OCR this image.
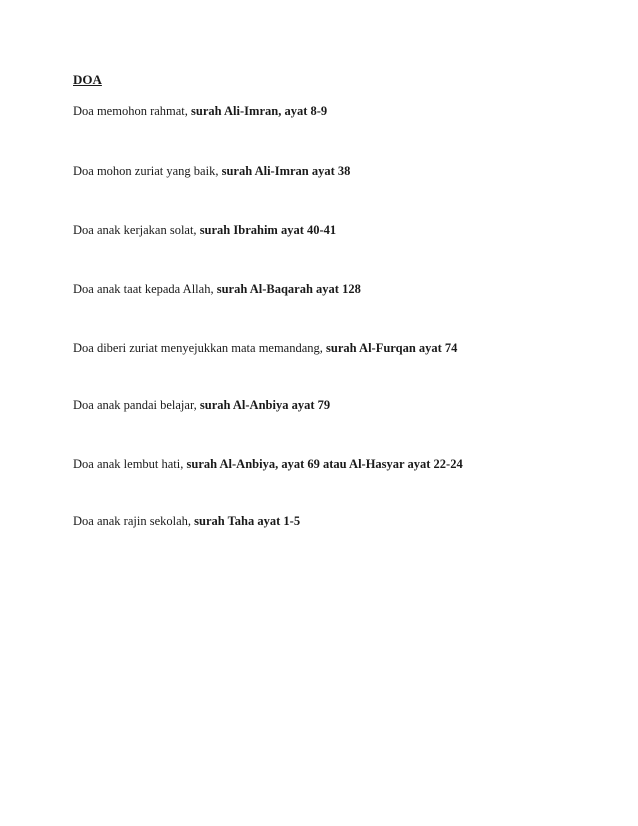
DOA
Doa memohon rahmat, surah Ali-Imran, ayat 8-9
Doa mohon zuriat yang baik, surah Ali-Imran ayat 38
Doa anak kerjakan solat, surah Ibrahim ayat 40-41
Doa anak taat kepada Allah, surah Al-Baqarah ayat 128
Doa diberi zuriat menyejukkan mata memandang, surah Al-Furqan ayat 74
Doa anak pandai belajar, surah Al-Anbiya ayat 79
Doa anak lembut hati, surah Al-Anbiya, ayat 69 atau Al-Hasyar ayat 22-24
Doa anak rajin sekolah, surah Taha ayat 1-5
